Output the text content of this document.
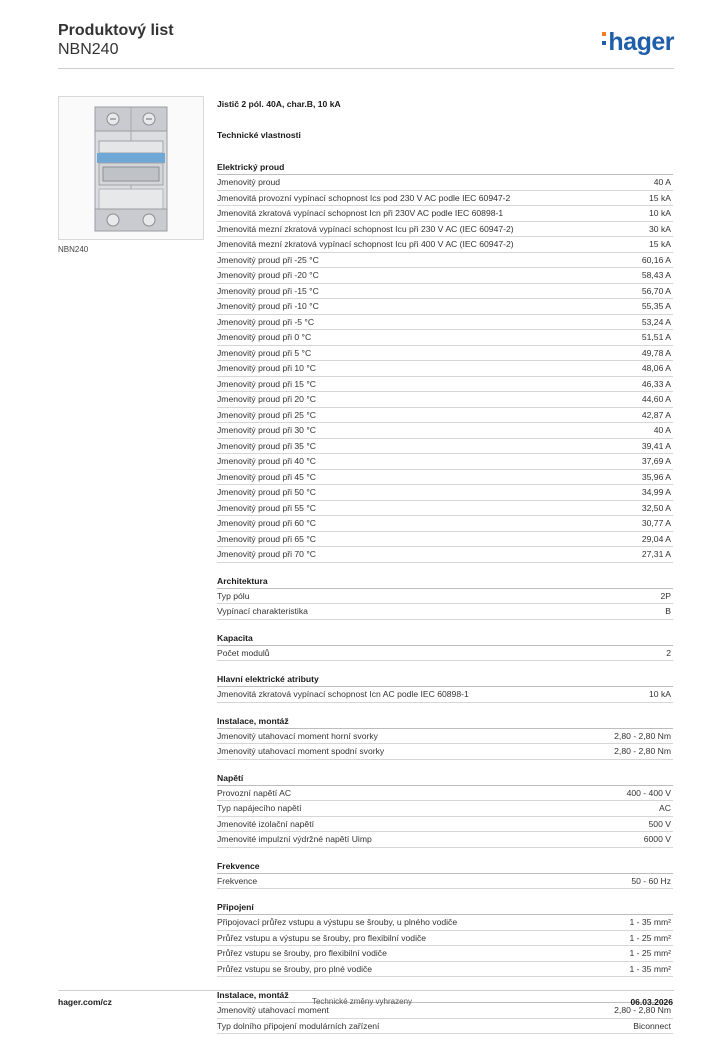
Produktový list
NBN240	hager
NBN240
Jistič 2 pól. 40A, char.B, 10 kA
Technické vlastnosti
Elektrický proud
Jmenovitý proud	40 A
Jmenovitá provozní vypínací schopnost Ics pod 230 V AC podle IEC 60947-2	15 kA
Jmenovitá zkratová vypínací schopnost Icn při 230V AC podle IEC 60898-1	10 kA
Jmenovitá mezní zkratová vypínací schopnost Icu při 230 V AC (IEC 60947-2)	30 kA
Jmenovitá mezní zkratová vypínací schopnost Icu při 400 V AC (IEC 60947-2)	15 kA
Jmenovitý proud při -25 °C	60,16 A
Jmenovitý proud při -20 °C	58,43 A
Jmenovitý proud při -15 °C	56,70 A
Jmenovitý proud při -10 °C	55,35 A
Jmenovitý proud při -5 °C	53,24 A
Jmenovitý proud při 0 °C	51,51 A
Jmenovitý proud při 5 °C	49,78 A
Jmenovitý proud při 10 °C	48,06 A
Jmenovitý proud při 15 °C	46,33 A
Jmenovitý proud při 20 °C	44,60 A
Jmenovitý proud při 25 °C	42,87 A
Jmenovitý proud při 30 °C	40 A
Jmenovitý proud při 35 °C	39,41 A
Jmenovitý proud při 40 °C	37,69 A
Jmenovitý proud při 45 °C	35,96 A
Jmenovitý proud při 50 °C	34,99 A
Jmenovitý proud při 55 °C	32,50 A
Jmenovitý proud při 60 °C	30,77 A
Jmenovitý proud při 65 °C	29,04 A
Jmenovitý proud při 70 °C	27,31 A
Architektura
Typ pólu	2P
Vypínací charakteristika	B
Kapacita
Počet modulů	2
Hlavní elektrické atributy
Jmenovitá zkratová vypínací schopnost Icn AC podle IEC 60898-1	10 kA
Instalace, montáž
Jmenovitý utahovací moment horní svorky	2,80 - 2,80 Nm
Jmenovitý utahovací moment spodní svorky	2,80 - 2,80 Nm
Napětí
Provozní napětí AC	400 - 400 V
Typ napájecího napětí	AC
Jmenovité izolační napětí	500 V
Jmenovité impulzní výdržné napětí Uimp	6000 V
Frekvence
Frekvence	50 - 60 Hz
Připojení
Připojovací průřez vstupu a výstupu se šrouby, u plného vodiče	1 - 35 mm²
Průřez vstupu a výstupu se šrouby, pro flexibilní vodiče	1 - 25 mm²
Průřez vstupu se šrouby, pro flexibilní vodiče	1 - 25 mm²
Průřez vstupu se šrouby, pro plné vodiče	1 - 35 mm²
Instalace, montáž
Jmenovitý utahovací moment	2,80 - 2,80 Nm
Typ dolního připojení modulárních zařízení	Biconnect
hager.com/cz	Technické změny vyhrazeny	06.03.2026
